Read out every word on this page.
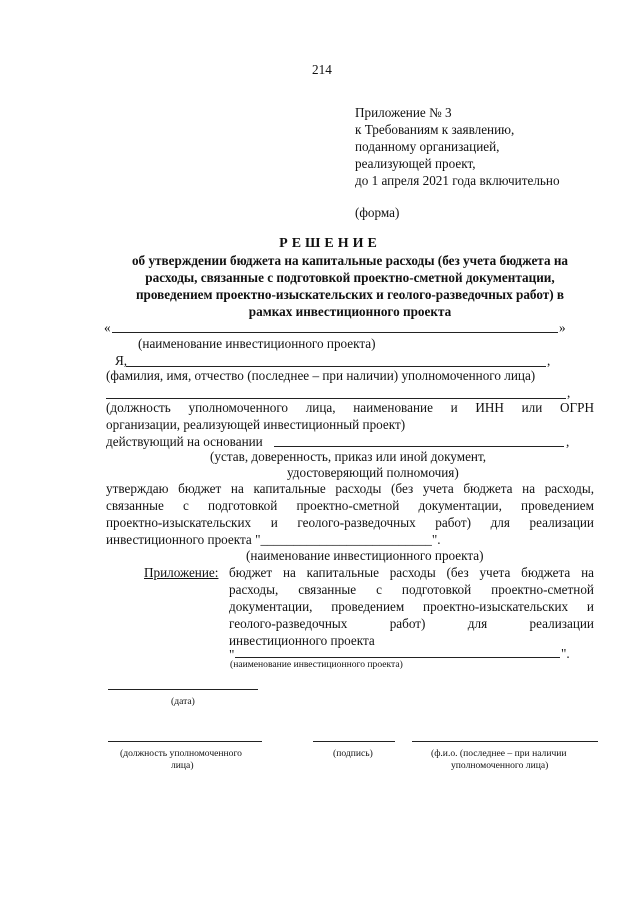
214
Приложение № 3
к Требованиям к заявлению,
поданному организацией,
реализующей проект,
до 1 апреля 2021 года включительно
(форма)
РЕШЕНИЕ
об утверждении бюджета на капитальные расходы (без учета бюджета на
расходы, связанные с подготовкой проектно-сметной документации,
проведением проектно-изыскательских и геолого-разведочных работ) в
рамках инвестиционного проекта
«	»
(наименование инвестиционного проекта)
Я,	,
(фамилия, имя, отчество (последнее – при наличии) уполномоченного лица)
,
(должность уполномоченного лица, наименование и ИНН или ОГРН
организации, реализующей инвестиционный проект)
действующий на основании	,
(устав, доверенность, приказ или иной документ,
удостоверяющий полномочия)
утверждаю бюджет на капитальные расходы (без учета бюджета на расходы,
связанные с подготовкой проектно-сметной документации, проведением
проектно-изыскательских и геолого-разведочных работ) для реализации
инвестиционного проекта "__________________________".
(наименование инвестиционного проекта)
Приложение: бюджет на капитальные расходы (без учета бюджета на
расходы, связанные с подготовкой проектно-сметной
документации, проведением проектно-изыскательских и
геолого-разведочных работ) для реализации
инвестиционного проекта
"	".
(наименование инвестиционного проекта)
(дата)
(должность уполномоченного
лица)
(подпись)	(ф.и.о. (последнее – при наличии
уполномоченного лица)
